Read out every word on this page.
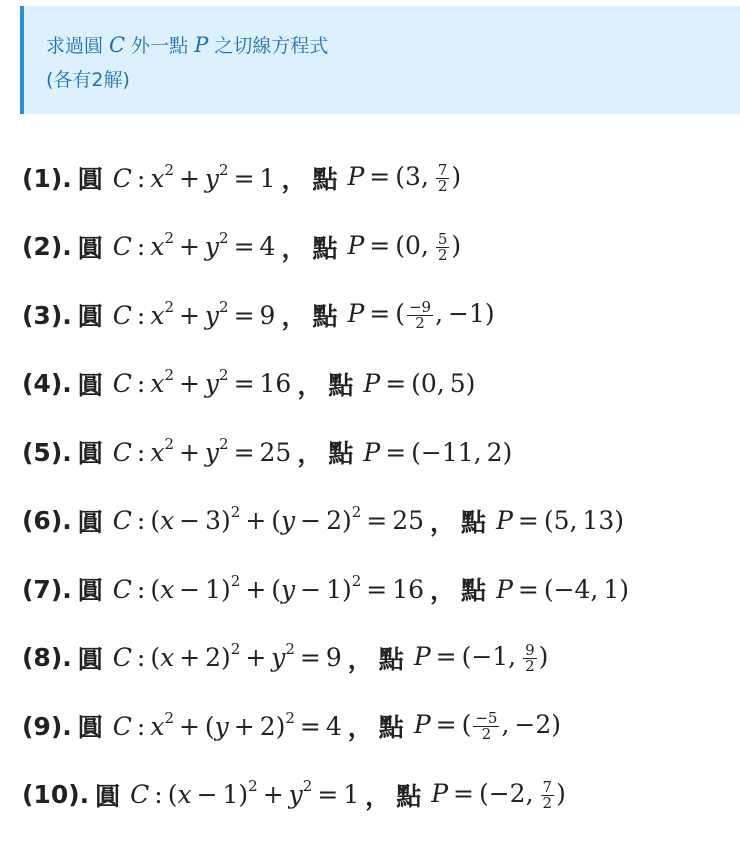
求過圓 C 外一點 P 之切線方程式
(各有2解)
(1). 圓 C : $x^2 + y^2 = 1$ ， 點 P = (3,  $\frac{7}{2}$ )
(2). 圓 C : $x^2 + y^2 = 4$ ， 點 P = (0,  $\frac{5}{2}$ )
(3). 圓 C : $x^2 + y^2 = 9$ ， 點 P = ( $\frac{-9}{2}$ , −1)
(4). 圓 C : $x^2 + y^2 = 16$ ， 點 P = (0, 5)
(5). 圓 C : $x^2 + y^2 = 25$ ， 點 P = (−11, 2)
(6). 圓 C : $(x - 3)^2 + (y - 2)^2 = 25$ ， 點 P = (5, 13)
(7). 圓 C : $(x - 1)^2 + (y - 1)^2 = 16$ ， 點 P = (−4, 1)
(8). 圓 C : $(x + 2)^2 + y^2 = 9$ ， 點 P = (−1,  $\frac{9}{2}$ )
(9). 圓 C : $x^2 + (y + 2)^2 = 4$ ， 點 P = ( $\frac{-5}{2}$ , −2)
(10). 圓 C : $(x - 1)^2 + y^2 = 1$ ， 點 P = (−2,  $\frac{7}{2}$ )
